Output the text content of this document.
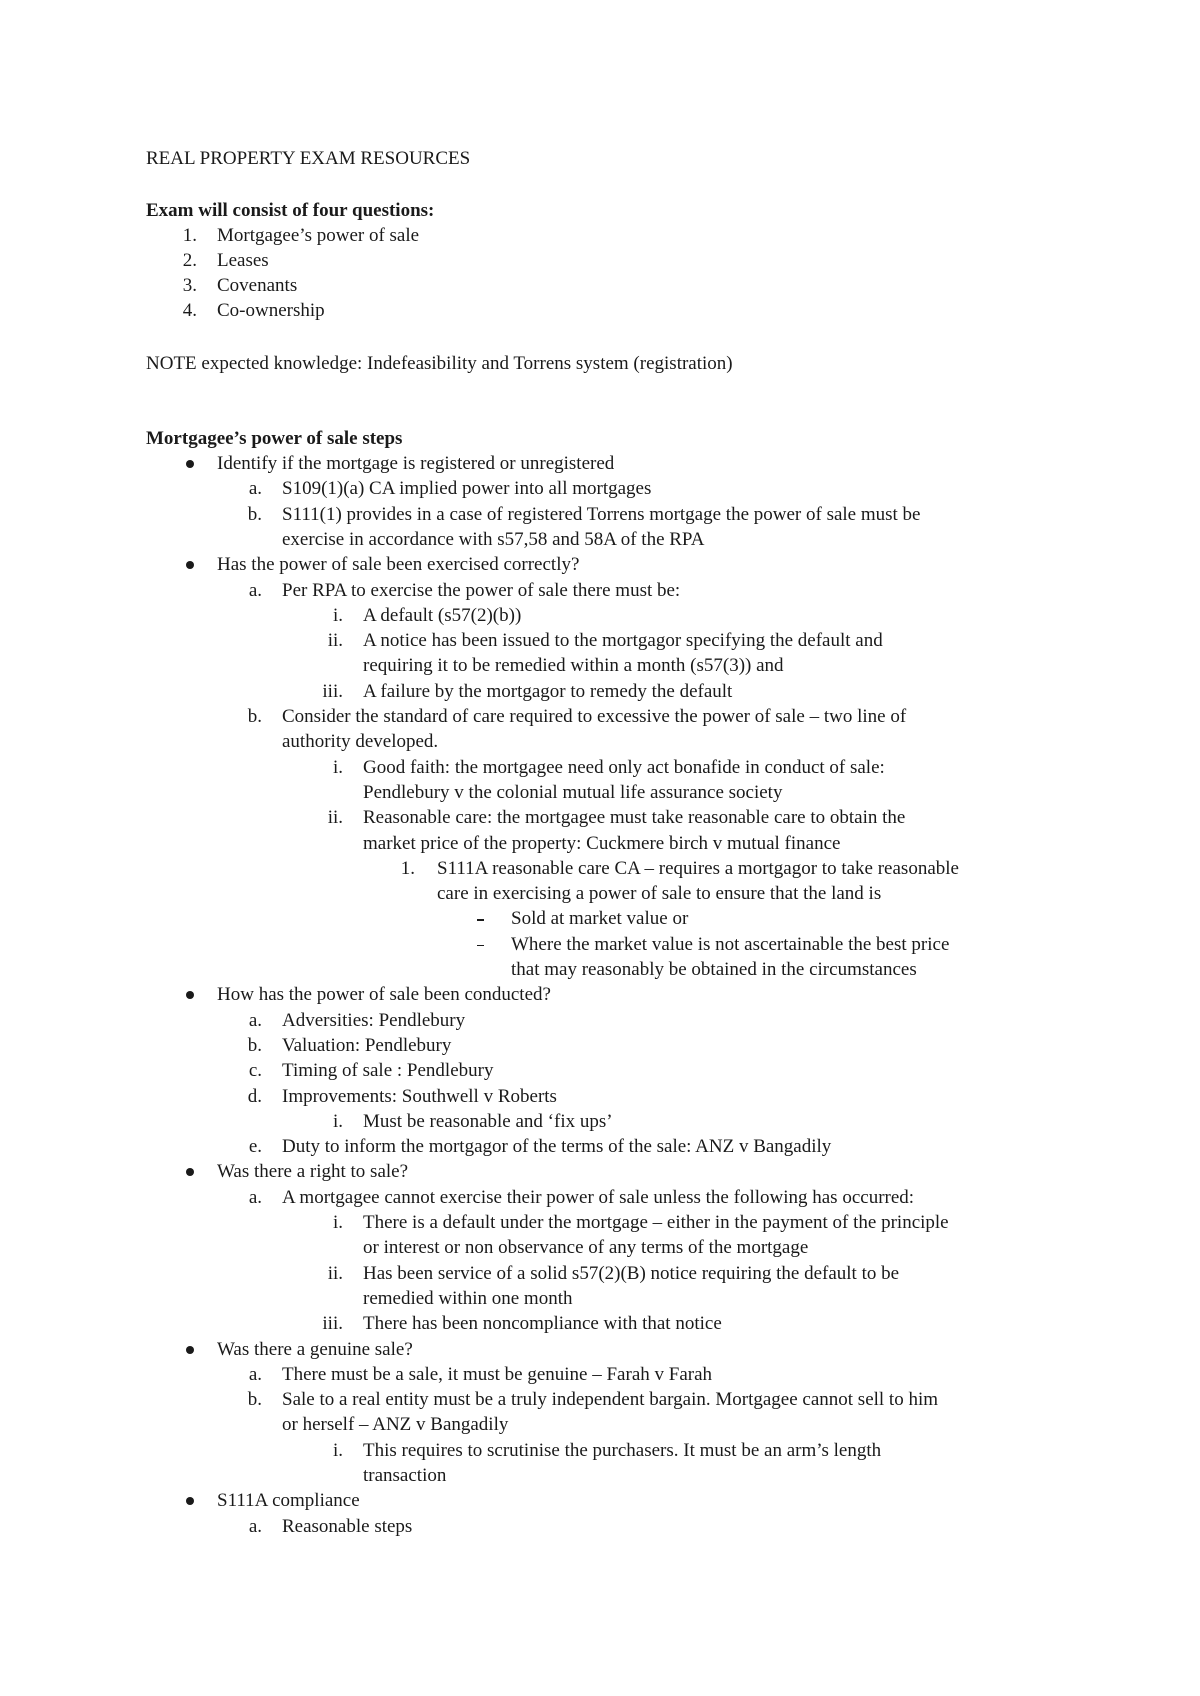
REAL PROPERTY EXAM RESOURCES
Exam will consist of four questions:
1. Mortgagee’s power of sale
2. Leases
3. Covenants
4. Co-ownership
NOTE expected knowledge: Indefeasibility and Torrens system (registration)
Mortgagee’s power of sale steps
Identify if the mortgage is registered or unregistered
a. S109(1)(a) CA implied power into all mortgages
b. S111(1) provides in a case of registered Torrens mortgage the power of sale must be
exercise in accordance with s57,58 and 58A of the RPA
Has the power of sale been exercised correctly?
a. Per RPA to exercise the power of sale there must be:
i. A default (s57(2)(b))
ii. A notice has been issued to the mortgagor specifying the default and
requiring it to be remedied within a month (s57(3)) and
iii. A failure by the mortgagor to remedy the default
b. Consider the standard of care required to excessive the power of sale – two line of
authority developed.
i. Good faith: the mortgagee need only act bonafide in conduct of sale:
Pendlebury v the colonial mutual life assurance society
ii. Reasonable care: the mortgagee must take reasonable care to obtain the
market price of the property: Cuckmere birch v mutual finance
1. S111A reasonable care CA – requires a mortgagor to take reasonable
care in exercising a power of sale to ensure that the land is
Sold at market value or
Where the market value is not ascertainable the best price
that may reasonably be obtained in the circumstances
How has the power of sale been conducted?
a. Adversities: Pendlebury
b. Valuation: Pendlebury
c. Timing of sale : Pendlebury
d. Improvements: Southwell v Roberts
i. Must be reasonable and ‘fix ups’
e. Duty to inform the mortgagor of the terms of the sale: ANZ v Bangadily
Was there a right to sale?
a. A mortgagee cannot exercise their power of sale unless the following has occurred:
i. There is a default under the mortgage – either in the payment of the principle
or interest or non observance of any terms of the mortgage
ii. Has been service of a solid s57(2)(B) notice requiring the default to be
remedied within one month
iii. There has been noncompliance with that notice
Was there a genuine sale?
a. There must be a sale, it must be genuine – Farah v Farah
b. Sale to a real entity must be a truly independent bargain. Mortgagee cannot sell to him
or herself – ANZ v Bangadily
i. This requires to scrutinise the purchasers. It must be an arm’s length
transaction
S111A compliance
a. Reasonable steps
